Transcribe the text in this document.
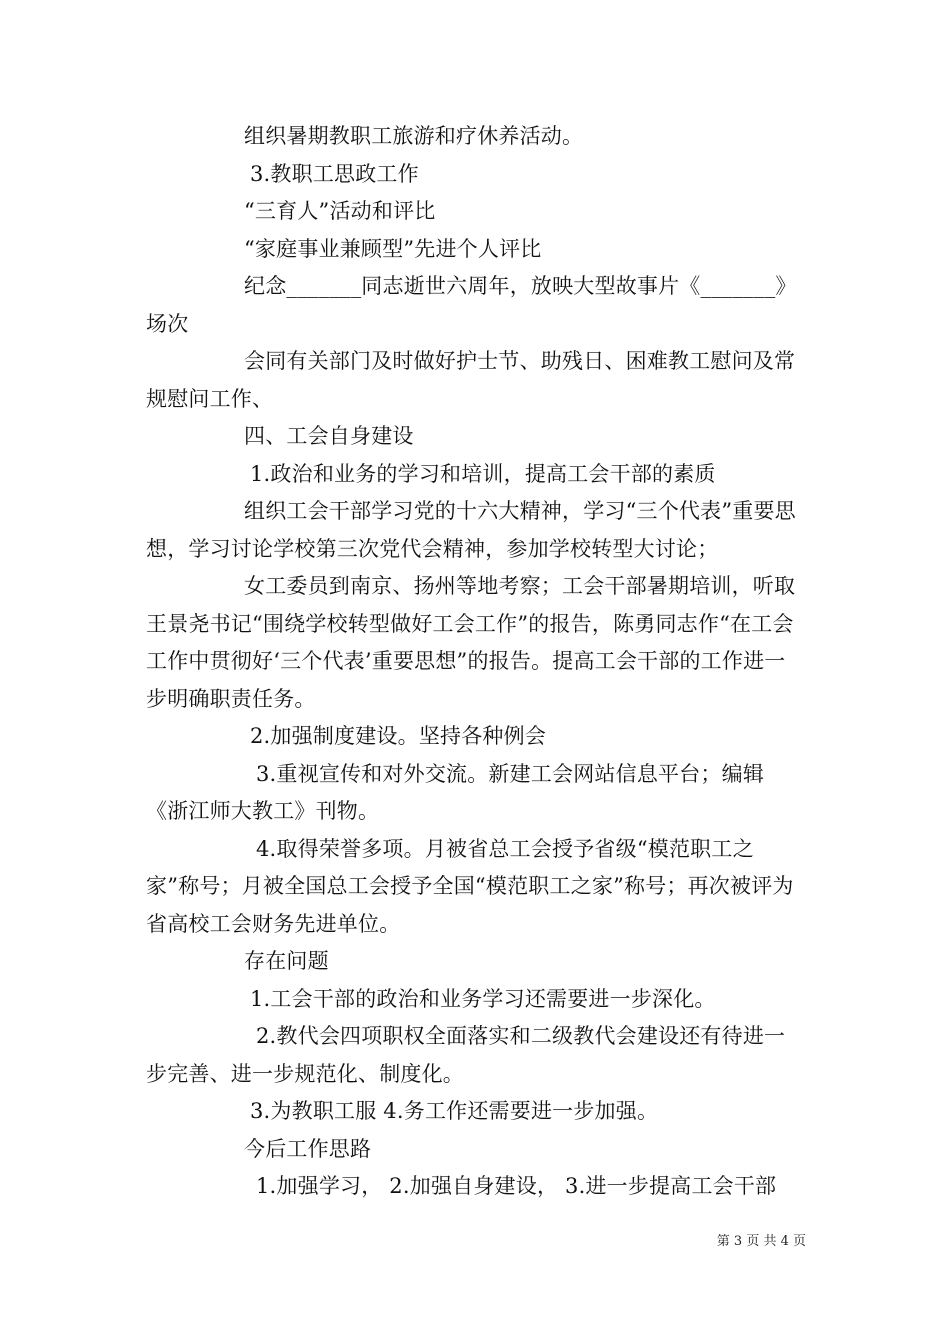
组织暑期教职工旅游和疗休养活动。

3.教职工思政工作

“三育人”活动和评比

“家庭事业兼顾型”先进个人评比

纪念_______同志逝世六周年，放映大型故事片《_______》场次

会同有关部门及时做好护士节、助残日、困难教工慰问及常规慰问工作、

四、工会自身建设

1.政治和业务的学习和培训，提高工会干部的素质

组织工会干部学习党的十六大精神，学习“三个代表”重要思想，学习讨论学校第三次党代会精神，参加学校转型大讨论；

女工委员到南京、扬州等地考察；工会干部暑期培训，听取王景尧书记“围绕学校转型做好工会工作”的报告，陈勇同志作“在工会工作中贯彻好‘三个代表’重要思想”的报告。提高工会干部的工作进一步明确职责任务。

2.加强制度建设。坚持各种例会

3.重视宣传和对外交流。新建工会网站信息平台；编辑《浙江师大教工》刊物。

4.取得荣誉多项。月被省总工会授予省级“模范职工之家”称号；月被全国总工会授予全国“模范职工之家”称号；再次被评为省高校工会财务先进单位。

存在问题

1.工会干部的政治和业务学习还需要进一步深化。

2.教代会四项职权全面落实和二级教代会建设还有待进一步完善、进一步规范化、制度化。

3.为教职工服 4.务工作还需要进一步加强。

今后工作思路

1.加强学习， 2.加强自身建设， 3.进一步提高工会干部

第 3 页 共 4 页
